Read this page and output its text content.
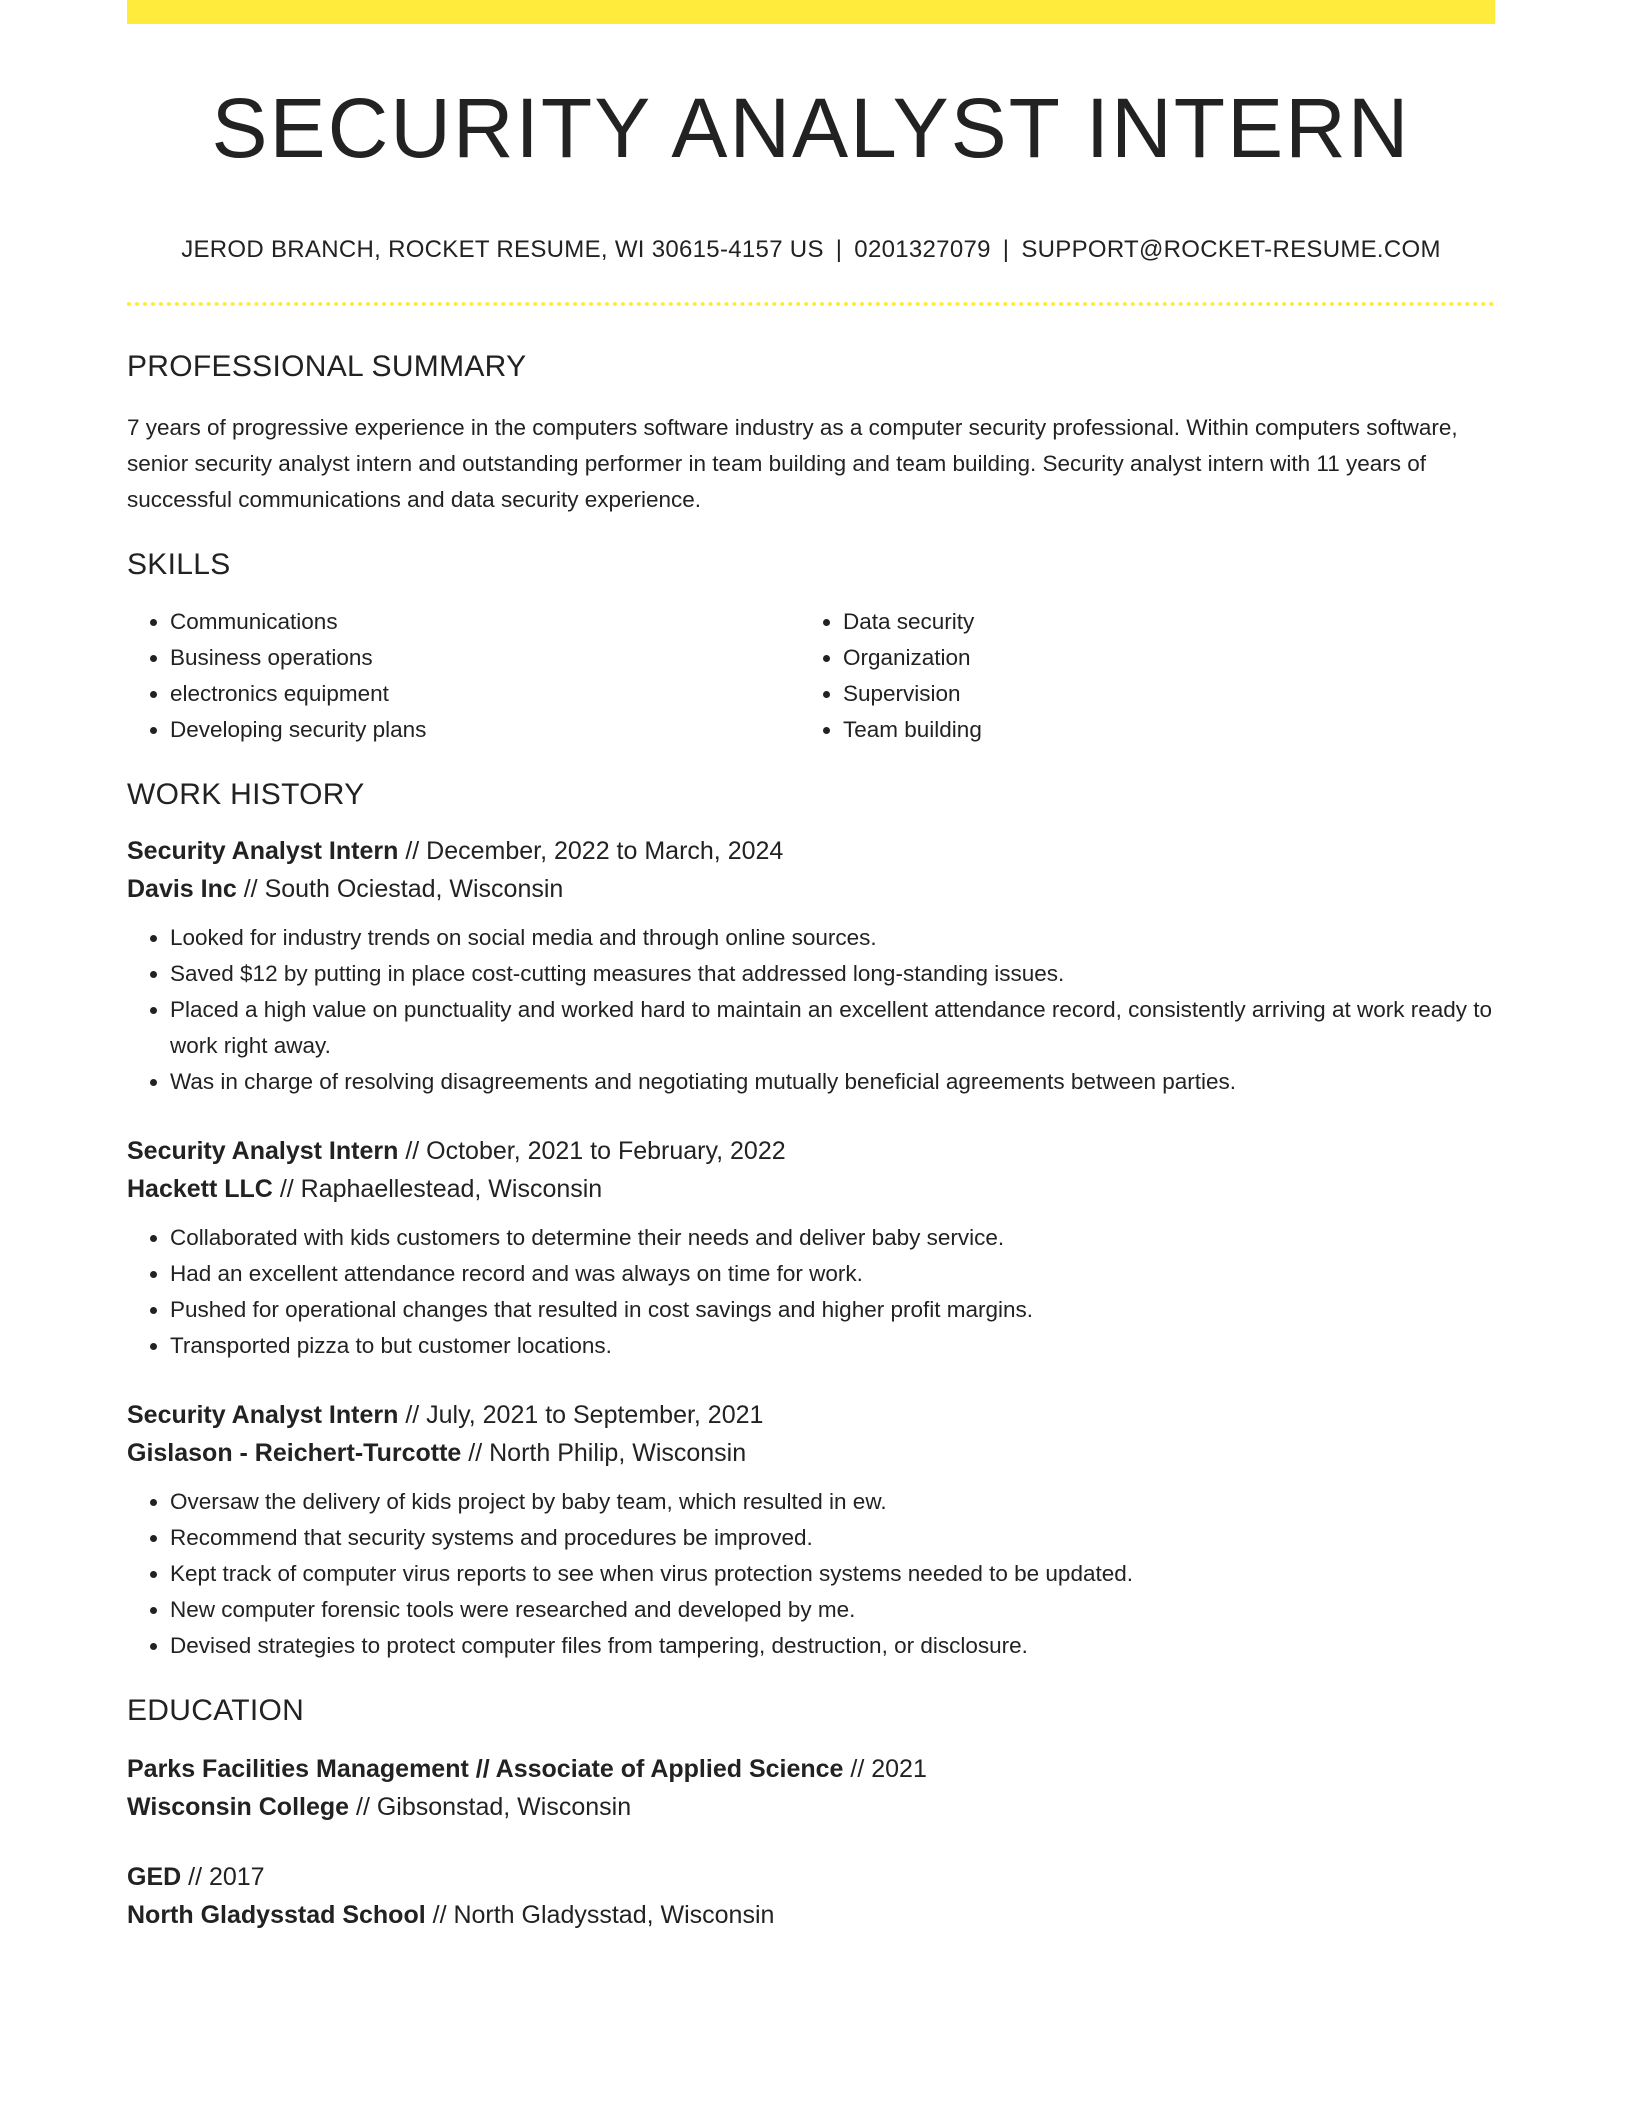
SECURITY ANALYST INTERN
JEROD BRANCH, ROCKET RESUME, WI 30615-4157 US | 0201327079 | SUPPORT@ROCKET-RESUME.COM
PROFESSIONAL SUMMARY
7 years of progressive experience in the computers software industry as a computer security professional. Within computers software, senior security analyst intern and outstanding performer in team building and team building. Security analyst intern with 11 years of successful communications and data security experience.
SKILLS
• Communications
• Business operations
• electronics equipment
• Developing security plans
• Data security
• Organization
• Supervision
• Team building
WORK HISTORY
Security Analyst Intern // December, 2022 to March, 2024
Davis Inc // South Ociestad, Wisconsin
• Looked for industry trends on social media and through online sources.
• Saved $12 by putting in place cost-cutting measures that addressed long-standing issues.
• Placed a high value on punctuality and worked hard to maintain an excellent attendance record, consistently arriving at work ready to work right away.
• Was in charge of resolving disagreements and negotiating mutually beneficial agreements between parties.
Security Analyst Intern // October, 2021 to February, 2022
Hackett LLC // Raphaellestead, Wisconsin
• Collaborated with kids customers to determine their needs and deliver baby service.
• Had an excellent attendance record and was always on time for work.
• Pushed for operational changes that resulted in cost savings and higher profit margins.
• Transported pizza to but customer locations.
Security Analyst Intern // July, 2021 to September, 2021
Gislason - Reichert-Turcotte // North Philip, Wisconsin
• Oversaw the delivery of kids project by baby team, which resulted in ew.
• Recommend that security systems and procedures be improved.
• Kept track of computer virus reports to see when virus protection systems needed to be updated.
• New computer forensic tools were researched and developed by me.
• Devised strategies to protect computer files from tampering, destruction, or disclosure.
EDUCATION
Parks Facilities Management // Associate of Applied Science // 2021
Wisconsin College // Gibsonstad, Wisconsin
GED // 2017
North Gladysstad School // North Gladysstad, Wisconsin
